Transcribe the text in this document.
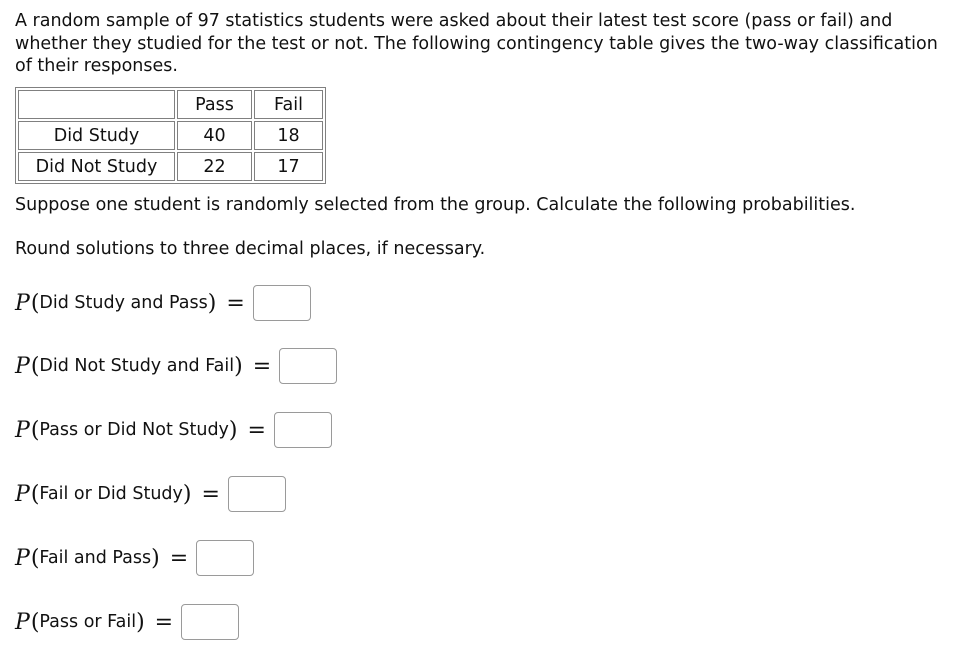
A random sample of 97 statistics students were asked about their latest test score (pass or fail) and whether they studied for the test or not. The following contingency table gives the two-way classification of their responses.

	Pass	Fail
Did Study	40	18
Did Not Study	22	17

Suppose one student is randomly selected from the group. Calculate the following probabilities.

Round solutions to three decimal places, if necessary.

P ( Did Study and Pass ) =
P ( Did Not Study and Fail ) =
P ( Pass or Did Not Study ) =
P ( Fail or Did Study ) =
P ( Fail and Pass ) =
P ( Pass or Fail ) =
